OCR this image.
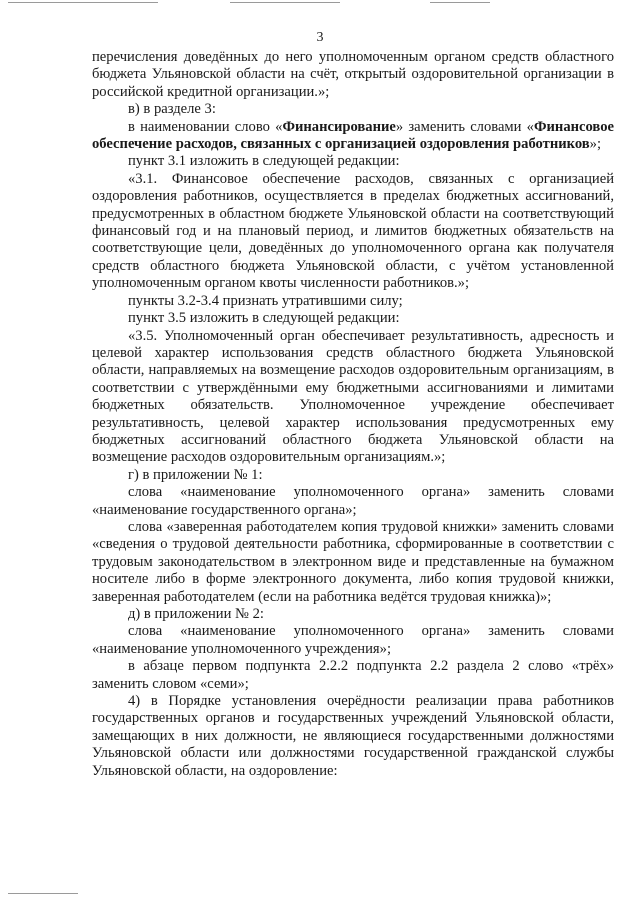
3

перечисления доведённых до него уполномоченным органом средств областного бюджета Ульяновской области на счёт, открытый оздоровительной организации в российской кредитной организации.»;

в) в разделе 3:

в наименовании слово «Финансирование» заменить словами «Финансовое обеспечение расходов, связанных с организацией оздоровления работников»;

пункт 3.1 изложить в следующей редакции:

«3.1. Финансовое обеспечение расходов, связанных с организацией оздоровления работников, осуществляется в пределах бюджетных ассигнований, предусмотренных в областном бюджете Ульяновской области на соответствующий финансовый год и на плановый период, и лимитов бюджетных обязательств на соответствующие цели, доведённых до уполномоченного органа как получателя средств областного бюджета Ульяновской области, с учётом установленной уполномоченным органом квоты численности работников.»;

пункты 3.2-3.4 признать утратившими силу;

пункт 3.5 изложить в следующей редакции:

«3.5. Уполномоченный орган обеспечивает результативность, адресность и целевой характер использования средств областного бюджета Ульяновской области, направляемых на возмещение расходов оздоровительным организациям, в соответствии с утверждёнными ему бюджетными ассигнованиями и лимитами бюджетных обязательств. Уполномоченное учреждение обеспечивает результативность, целевой характер использования предусмотренных ему бюджетных ассигнований областного бюджета Ульяновской области на возмещение расходов оздоровительным организациям.»;

г) в приложении № 1:

слова «наименование уполномоченного органа» заменить словами «наименование государственного органа»;

слова «заверенная работодателем копия трудовой книжки» заменить словами «сведения о трудовой деятельности работника, сформированные в соответствии с трудовым законодательством в электронном виде и представленные на бумажном носителе либо в форме электронного документа, либо копия трудовой книжки, заверенная работодателем (если на работника ведётся трудовая книжка)»;

д) в приложении № 2:

слова «наименование уполномоченного органа» заменить словами «наименование уполномоченного учреждения»;

в абзаце первом подпункта 2.2.2 подпункта 2.2 раздела 2 слово «трёх» заменить словом «семи»;

4) в Порядке установления очерёдности реализации права работников государственных органов и государственных учреждений Ульяновской области, замещающих в них должности, не являющиеся государственными должностями Ульяновской области или должностями государственной гражданской службы Ульяновской области, на оздоровление:
